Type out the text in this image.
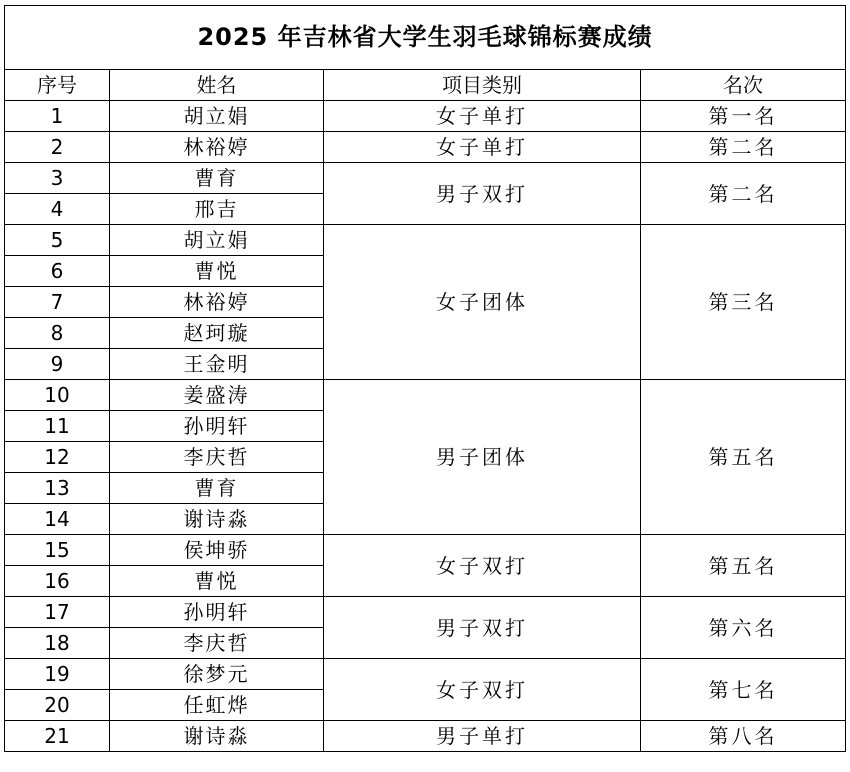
2025 年吉林省大学生羽毛球锦标赛成绩			
序号	姓名	项目类别	名次
1	胡立娟	女子单打	第一名
2	林裕婷	女子单打	第二名
3	曹育	男子双打	第二名
4	邢吉		
5	胡立娟	女子团体	第三名
6	曹悦		
7	林裕婷		
8	赵珂璇		
9	王金明		
10	姜盛涛	男子团体	第五名
11	孙明轩		
12	李庆哲		
13	曹育		
14	谢诗淼		
15	侯坤骄	女子双打	第五名
16	曹悦		
17	孙明轩	男子双打	第六名
18	李庆哲		
19	徐梦元	女子双打	第七名
20	任虹烨		
21	谢诗淼	男子单打	第八名
